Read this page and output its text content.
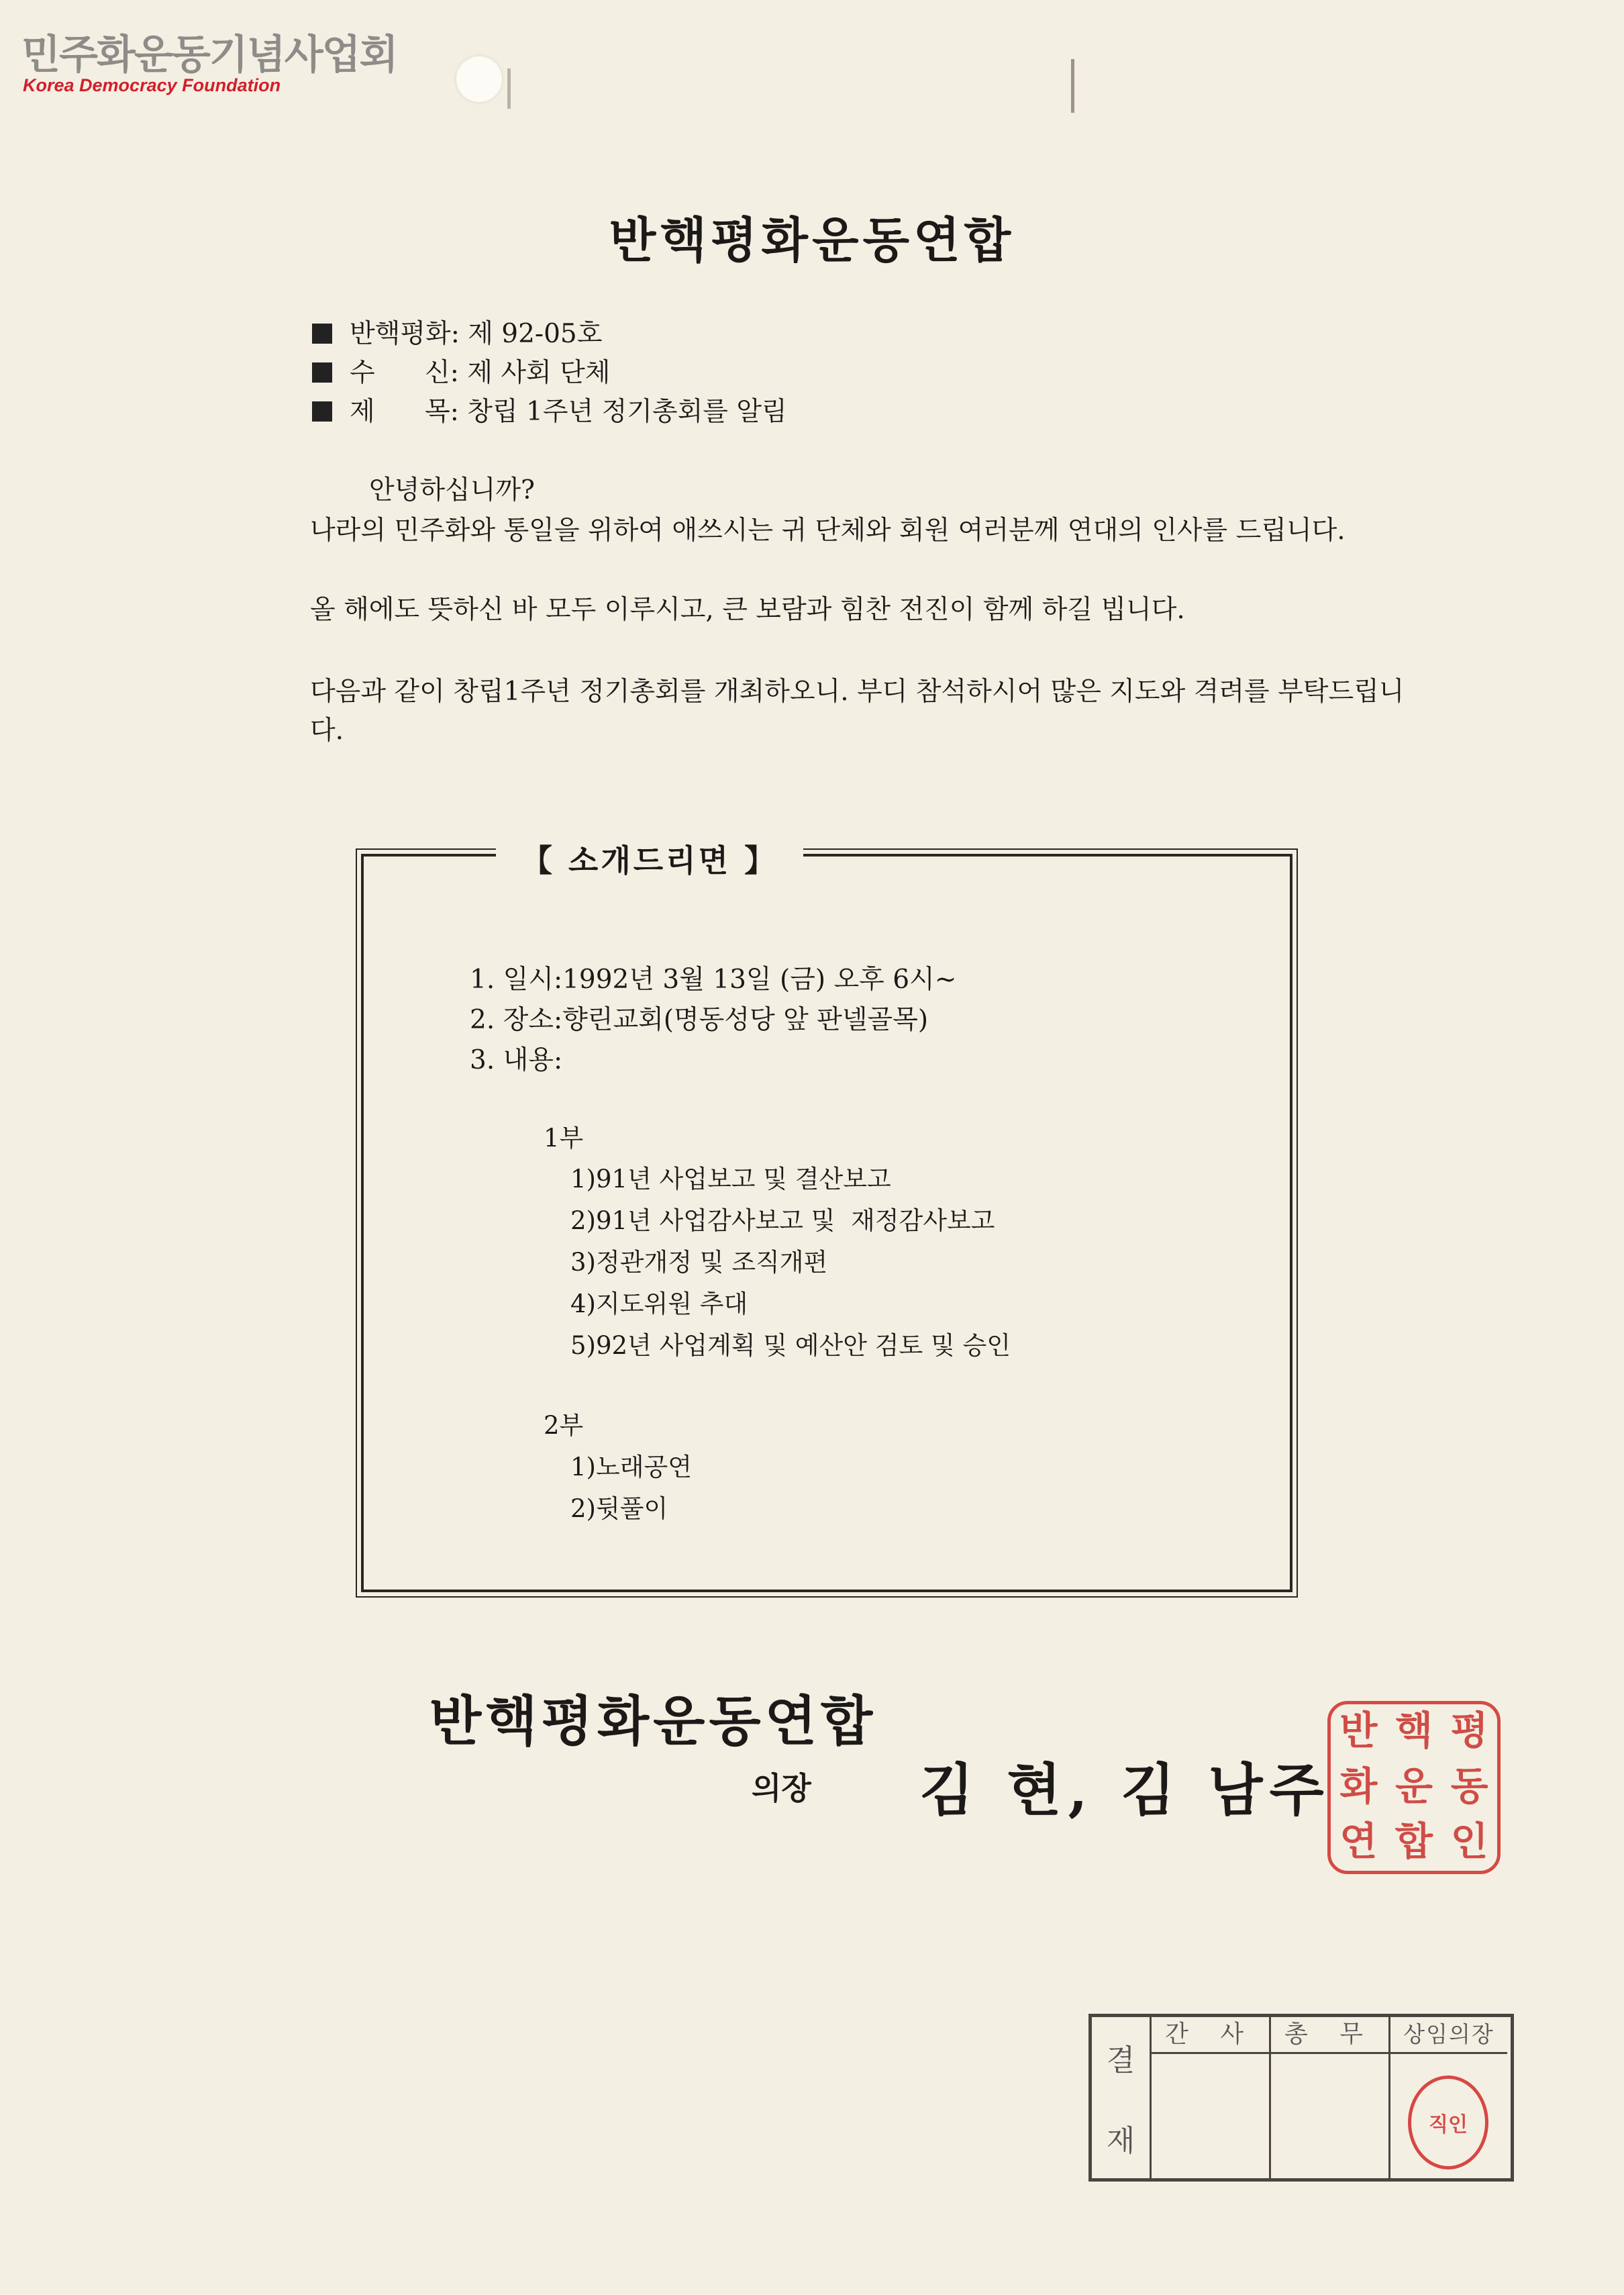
민주화운동기념사업회
Korea Democracy Foundation
반핵평화운동연합
반핵평화: 제 92-05호
수      신: 제 사회 단체
제      목: 창립 1주년 정기총회를 알림
안녕하십니까?
나라의 민주화와 통일을 위하여 애쓰시는 귀 단체와 회원 여러분께 연대의 인사를 드립니다.
올 해에도 뜻하신 바 모두 이루시고, 큰 보람과 힘찬 전진이 함께 하길 빕니다.
다음과 같이 창립1주년 정기총회를 개최하오니. 부디 참석하시어 많은 지도와 격려를 부탁드립니다.
【 소개드리면 】
1. 일시:1992년 3월 13일 (금) 오후 6시~
2. 장소:향린교회(명동성당 앞 판넬골목)
3. 내용:
1부
1)91년 사업보고 및 결산보고
2)91년 사업감사보고 및  재정감사보고
3)정관개정 및 조직개편
4)지도위원 추대
5)92년 사업계획 및 예산안 검토 및 승인
2부
1)노래공연
2)뒷풀이
반핵평화운동연합
의장 김 현, 김 남주
반 핵 평
화 운 동
연 합 인
결
재
간 사	총 무	상임의장
직인
